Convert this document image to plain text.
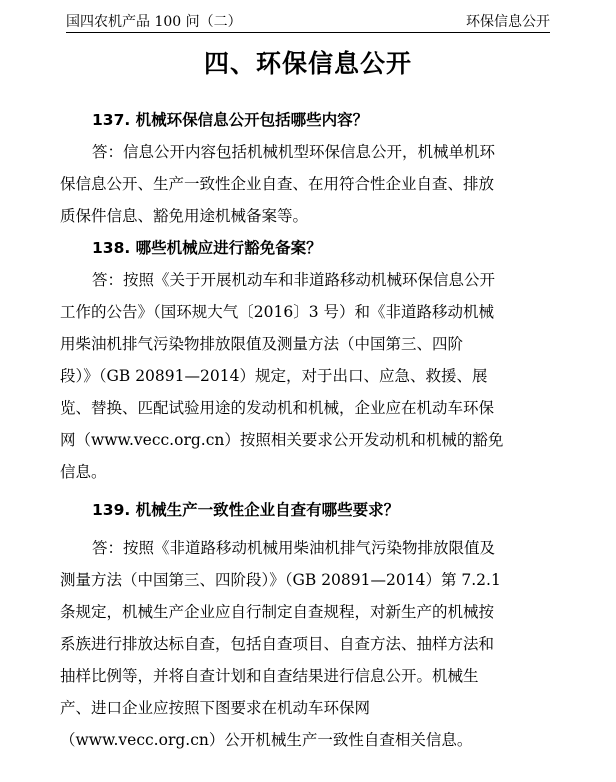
国四农机产品 100 问（二）	环保信息公开
四、环保信息公开
137. 机械环保信息公开包括哪些内容？
答：信息公开内容包括机械机型环保信息公开，机械单机环
保信息公开、生产一致性企业自查、在用符合性企业自查、排放
质保件信息、豁免用途机械备案等。
138. 哪些机械应进行豁免备案？
答：按照《关于开展机动车和非道路移动机械环保信息公开
工作的公告》（国环规大气〔2016〕3 号）和《非道路移动机械
用柴油机排气污染物排放限值及测量方法（中国第三、四阶
段）》（GB 20891—2014）规定，对于出口、应急、救援、展
览、替换、匹配试验用途的发动机和机械，企业应在机动车环保
网（www.vecc.org.cn）按照相关要求公开发动机和机械的豁免
信息。
139. 机械生产一致性企业自查有哪些要求？
答：按照《非道路移动机械用柴油机排气污染物排放限值及
测量方法（中国第三、四阶段）》（GB 20891—2014）第 7.2.1
条规定，机械生产企业应自行制定自查规程，对新生产的机械按
系族进行排放达标自查，包括自查项目、自查方法、抽样方法和
抽样比例等，并将自查计划和自查结果进行信息公开。机械生
产、进口企业应按照下图要求在机动车环保网
（www.vecc.org.cn）公开机械生产一致性自查相关信息。
